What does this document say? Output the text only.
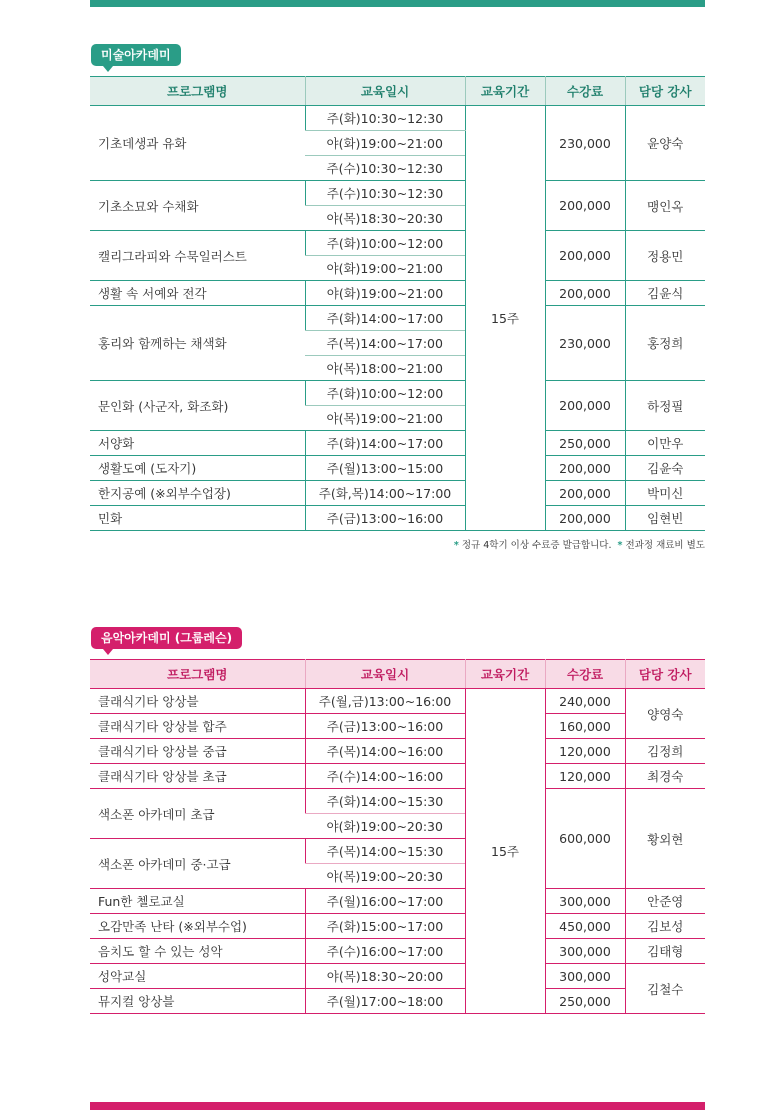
미술아카데미
프로그램명	교육일시	교육기간	수강료	담당 강사
기초데생과 유화	주(화)10:30~12:30	15주	230,000	윤양숙
	야(화)19:00~21:00			
	주(수)10:30~12:30			
기초소묘와 수채화	주(수)10:30~12:30		200,000	맹인옥
	야(목)18:30~20:30			
캘리그라피와 수묵일러스트	주(화)10:00~12:00		200,000	정용민
	야(화)19:00~21:00			
생활 속 서예와 전각	야(화)19:00~21:00		200,000	김윤식
홍리와 함께하는 채색화	주(화)14:00~17:00		230,000	홍정희
	주(목)14:00~17:00			
	야(목)18:00~21:00			
문인화 (사군자, 화조화)	주(화)10:00~12:00		200,000	하정필
	야(목)19:00~21:00			
서양화	주(화)14:00~17:00		250,000	이만우
생활도예 (도자기)	주(월)13:00~15:00		200,000	김윤숙
한지공예 (※외부수업장)	주(화,목)14:00~17:00		200,000	박미신
민화	주(금)13:00~16:00		200,000	임현빈
* 정규 4학기 이상 수료증 발급합니다. * 전과정 재료비 별도
음악아카데미 (그룹레슨)
프로그램명	교육일시	교육기간	수강료	담당 강사
클래식기타 앙상블	주(월,금)13:00~16:00	15주	240,000	양영숙
클래식기타 앙상블 합주	주(금)13:00~16:00		160,000	
클래식기타 앙상블 중급	주(목)14:00~16:00		120,000	김정희
클래식기타 앙상블 초급	주(수)14:00~16:00		120,000	최경숙
색소폰 아카데미 초급	주(화)14:00~15:30		600,000	황외현
	야(화)19:00~20:30			
색소폰 아카데미 중·고급	주(목)14:00~15:30			
	야(목)19:00~20:30			
Fun한 첼로교실	주(월)16:00~17:00		300,000	안준영
오감만족 난타 (※외부수업)	주(화)15:00~17:00		450,000	김보성
음치도 할 수 있는 성악	주(수)16:00~17:00		300,000	김태형
성악교실	야(목)18:30~20:00		300,000	김철수
뮤지컬 앙상블	주(월)17:00~18:00		250,000	
